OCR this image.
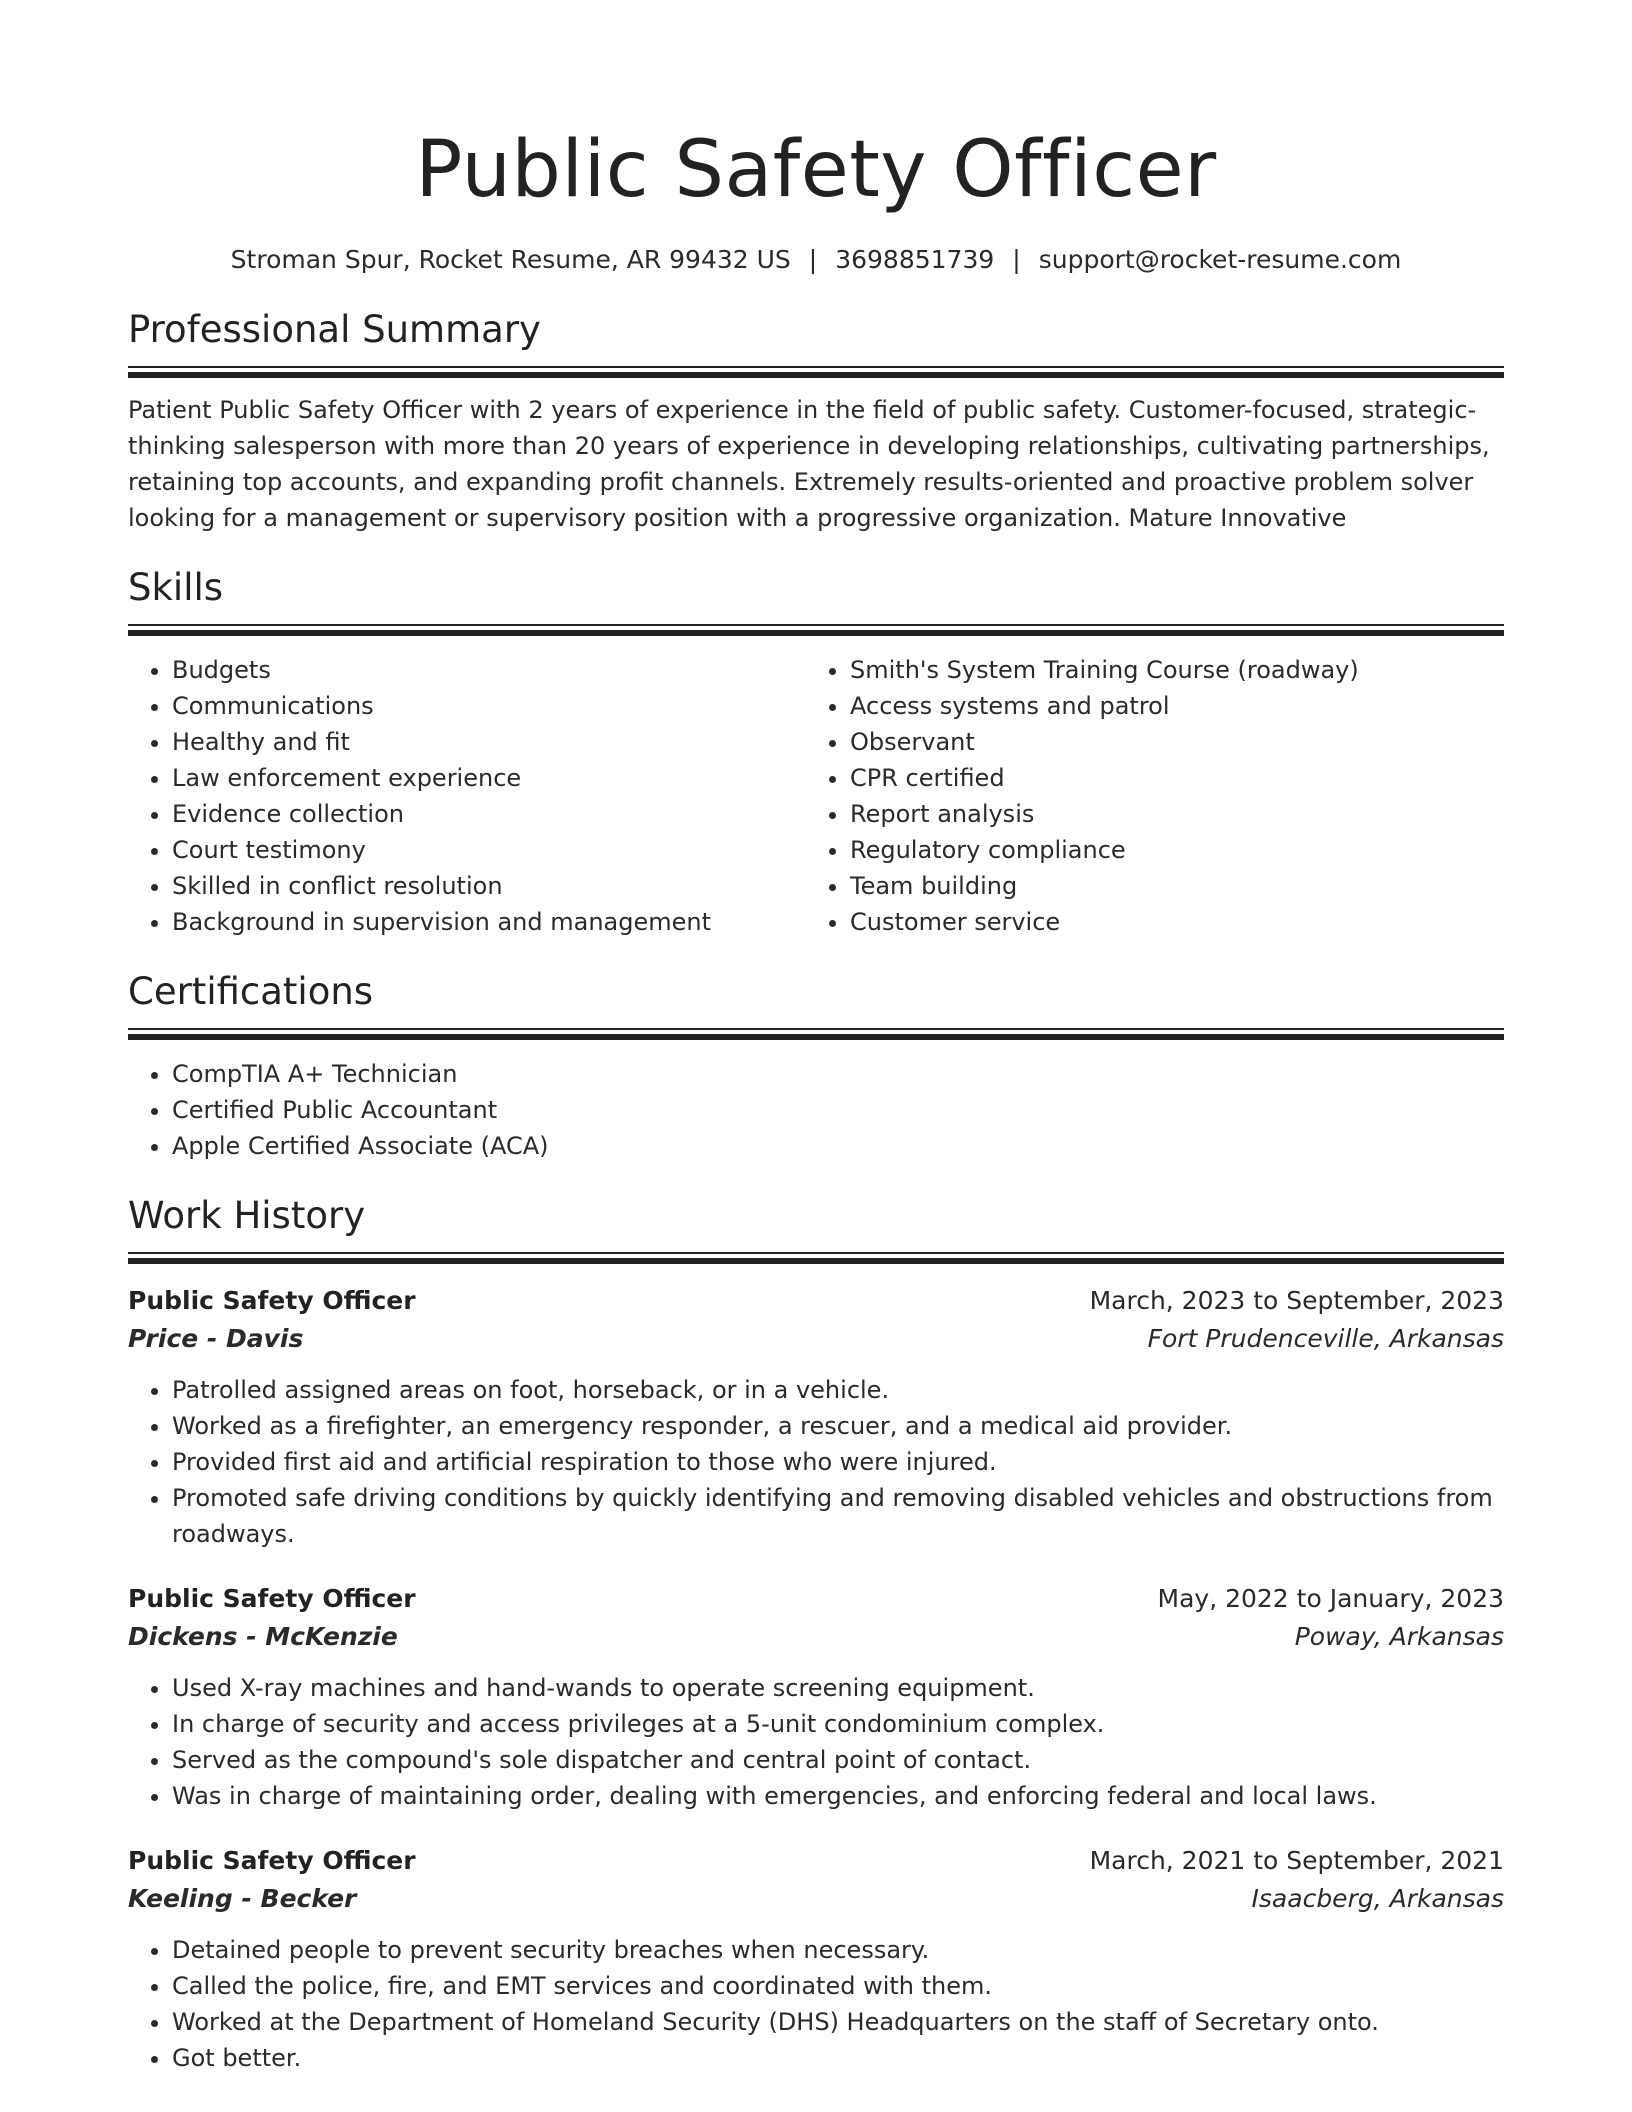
Public Safety Officer
Stroman Spur, Rocket Resume, AR 99432 US | 3698851739 | support@rocket-resume.com
Professional Summary
Patient Public Safety Officer with 2 years of experience in the field of public safety. Customer-focused, strategic-thinking salesperson with more than 20 years of experience in developing relationships, cultivating partnerships, retaining top accounts, and expanding profit channels. Extremely results-oriented and proactive problem solver looking for a management or supervisory position with a progressive organization. Mature Innovative
Skills
• Budgets
• Communications
• Healthy and fit
• Law enforcement experience
• Evidence collection
• Court testimony
• Skilled in conflict resolution
• Background in supervision and management
• Smith's System Training Course (roadway)
• Access systems and patrol
• Observant
• CPR certified
• Report analysis
• Regulatory compliance
• Team building
• Customer service
Certifications
• CompTIA A+ Technician
• Certified Public Accountant
• Apple Certified Associate (ACA)
Work History
Public Safety Officer	March, 2023 to September, 2023
Price - Davis	Fort Prudenceville, Arkansas
• Patrolled assigned areas on foot, horseback, or in a vehicle.
• Worked as a firefighter, an emergency responder, a rescuer, and a medical aid provider.
• Provided first aid and artificial respiration to those who were injured.
• Promoted safe driving conditions by quickly identifying and removing disabled vehicles and obstructions from roadways.
Public Safety Officer	May, 2022 to January, 2023
Dickens - McKenzie	Poway, Arkansas
• Used X-ray machines and hand-wands to operate screening equipment.
• In charge of security and access privileges at a 5-unit condominium complex.
• Served as the compound's sole dispatcher and central point of contact.
• Was in charge of maintaining order, dealing with emergencies, and enforcing federal and local laws.
Public Safety Officer	March, 2021 to September, 2021
Keeling - Becker	Isaacberg, Arkansas
• Detained people to prevent security breaches when necessary.
• Called the police, fire, and EMT services and coordinated with them.
• Worked at the Department of Homeland Security (DHS) Headquarters on the staff of Secretary onto.
• Got better.
